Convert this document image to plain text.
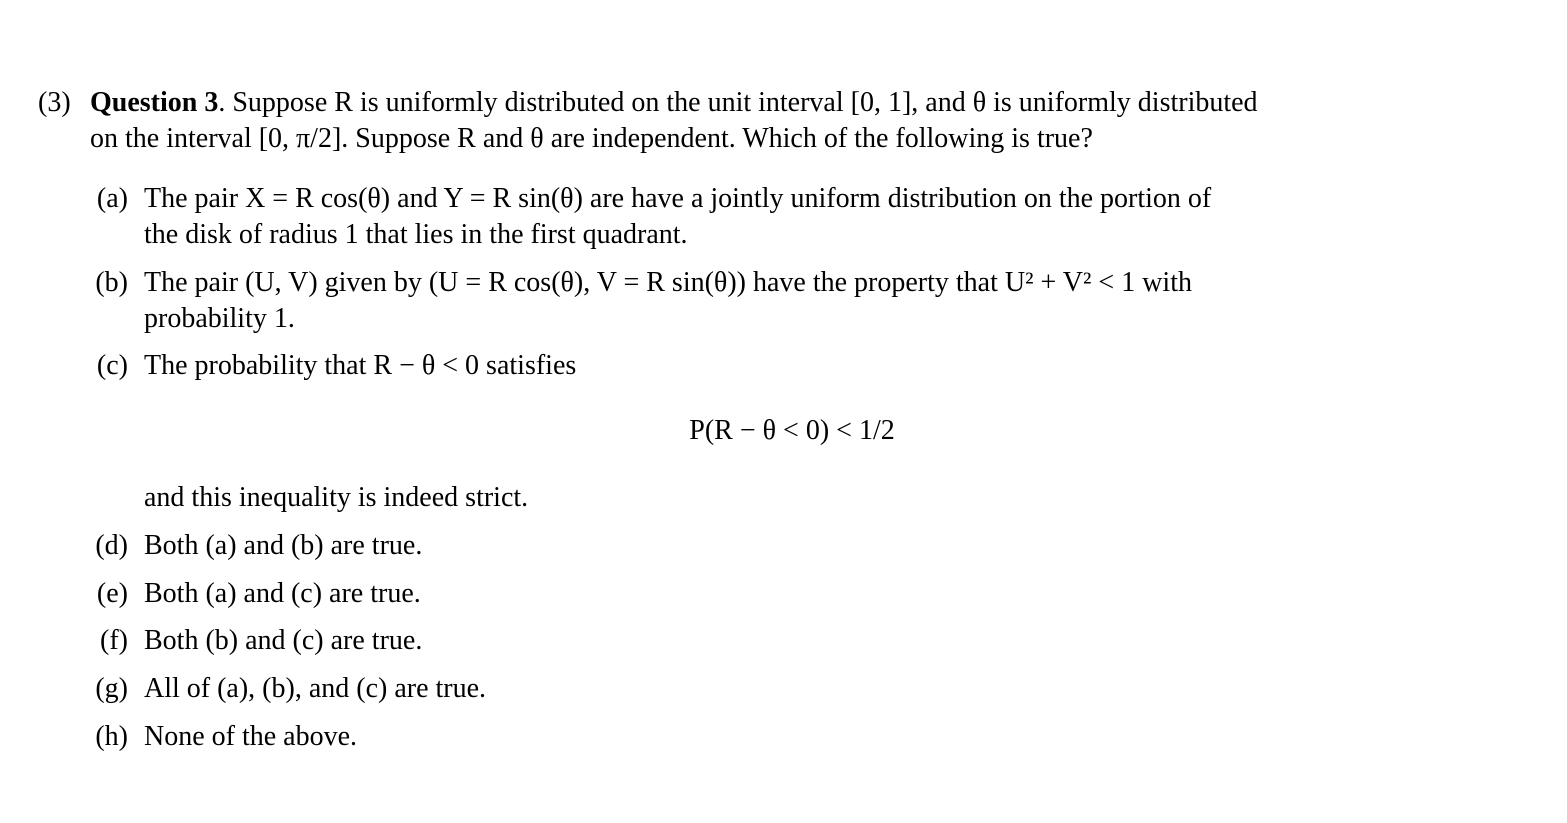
(3) Question 3. Suppose R is uniformly distributed on the unit interval [0, 1], and θ is uniformly distributed
on the interval [0, π/2]. Suppose R and θ are independent. Which of the following is true?
(a) The pair X = R cos(θ) and Y = R sin(θ) are have a jointly uniform distribution on the portion of
the disk of radius 1 that lies in the first quadrant.
(b) The pair (U, V) given by (U = R cos(θ), V = R sin(θ)) have the property that U² + V² < 1 with
probability 1.
(c) The probability that R − θ < 0 satisfies
P(R − θ < 0) < 1/2
and this inequality is indeed strict.
(d) Both (a) and (b) are true.
(e) Both (a) and (c) are true.
(f) Both (b) and (c) are true.
(g) All of (a), (b), and (c) are true.
(h) None of the above.
